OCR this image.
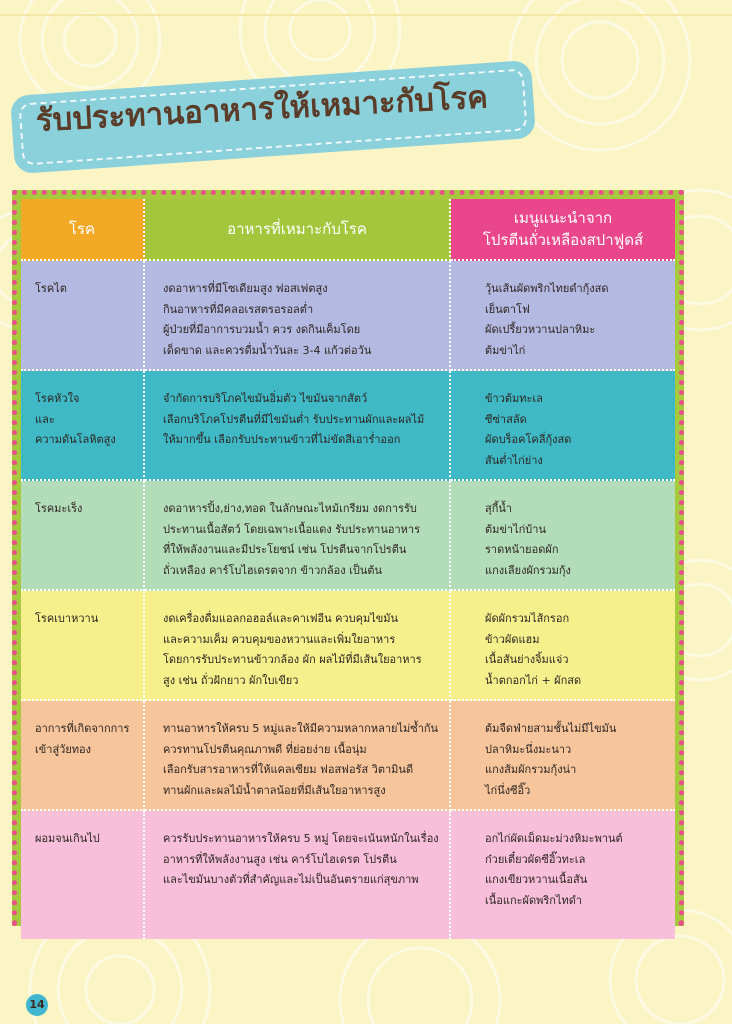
รับประทานอาหารให้เหมาะกับโรค
โรค	อาหารที่เหมาะกับโรค	เมนูแนะนำจาก
โปรตีนถั่วเหลืองสปาฟูดส์

โรคไต	งดอาหารที่มีโซเดียมสูง ฟอสเฟตสูง
กินอาหารที่มีคลอเรสตรอรอลต่ำ
ผู้ป่วยที่มีอาการบวมน้ำ ควร งดกินเค็มโดย
เด็ดขาด และควรดื่มน้ำวันละ 3-4 แก้วต่อวัน	วุ้นเส้นผัดพริกไทยดำกุ้งสด
เย็นตาโฟ
ผัดเปรี้ยวหวานปลาหิมะ
ต้มข่าไก่

โรคหัวใจ
และ
ความดันโลหิตสูง	จำกัดการบริโภคไขมันอิ่มตัว ไขมันจากสัตว์
เลือกบริโภคโปรตีนที่มีไขมันต่ำ รับประทานผักและผลไม้
ให้มากขึ้น เลือกรับประทานข้าวที่ไม่ขัดสีเอาร่ำออก	ข้าวต้มทะเล
ซีซ่าสลัด
ผัดบร็อคโคลี่กุ้งสด
สันต่ำไก่ย่าง

โรคมะเร็ง	งดอาหารปิ้ง,ย่าง,ทอด ในลักษณะไหม้เกรียม งดการรับ
ประทานเนื้อสัตว์ โดยเฉพาะเนื้อแดง รับประทานอาหาร
ที่ให้พลังงานและมีประโยชน์ เช่น โปรตีนจากโปรตีน
ถั่วเหลือง คาร์โบไฮเดรตจาก ข้าวกล้อง เป็นต้น	สุกี้น้ำ
ต้มข่าไก่บ้าน
ราดหน้ายอดผัก
แกงเลียงผักรวมกุ้ง

โรคเบาหวาน	งดเครื่องดื่มแอลกอฮอล์และคาเฟอีน ควบคุมไขมัน
และความเค็ม ควบคุมของหวานและเพิ่มใยอาหาร
โดยการรับประทานข้าวกล้อง ผัก ผลไม้ที่มีเส้นใยอาหาร
สูง เช่น ถั่วฝักยาว ผักใบเขียว	ผัดผักรวมไส้กรอก
ข้าวผัดแฮม
เนื้อสันย่างจิ้มแจ่ว
น้ำตกอกไก่ + ผักสด

อาการที่เกิดจากการ
เข้าสู่วัยทอง	ทานอาหารให้ครบ 5 หมู่และให้มีความหลากหลายไม่ซ้ำกัน
ควรทานโปรตีนคุณภาพดี ที่ย่อยง่าย เนื้อนุ่ม
เลือกรับสารอาหารที่ให้แคลเซียม ฟอสฟอรัส วิตามินดี
ทานผักและผลไม้น้ำตาลน้อยที่มีเส้นใยอาหารสูง	ต้มจืดฟ่ายสามชั้นไม่มีไขมัน
ปลาหิมะนึ่งมะนาว
แกงส้มผักรวมกุ้งน่า
ไก่นึ่งซีอิ๊ว

ผอมจนเกินไป	ควรรับประทานอาหารให้ครบ 5 หมู่ โดยจะเน้นหนักในเรื่อง
อาหารที่ให้พลังงานสูง เช่น คาร์โบไฮเดรต โปรตีน
และไขมันบางตัวที่สำคัญและไม่เป็นอันตรายแก่สุขภาพ	อกไก่ผัดเม็ดมะม่วงหิมะพานต์
ก๋วยเตี๋ยวผัดซีอิ๊วทะเล
แกงเขียวหวานเนื้อสัน
เนื้อแกะผัดพริกไทดำ
14
